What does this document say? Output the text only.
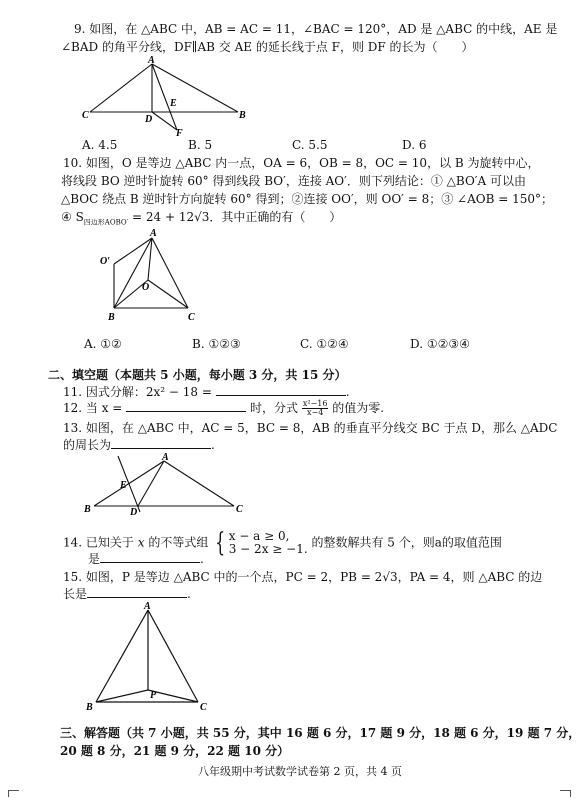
9. 如图，在 △ABC 中，AB = AC = 11，∠BAC = 120°，AD 是 △ABC 的中线，AE 是
∠BAD 的角平分线，DF∥AB 交 AE 的延长线于点 F，则 DF 的长为（　　）
A
C	B
D
E
F
A. 4.5	B. 5	C. 5.5	D. 6
10. 如图，O 是等边 △ABC 内一点，OA = 6，OB = 8，OC = 10，以 B 为旋转中心，
将线段 BO 逆时针旋转 60° 得到线段 BO′，连接 AO′．则下列结论：① △BO′A 可以由
△BOC 绕点 B 逆时针方向旋转 60° 得到；②连接 OO′，则 OO′ = 8；③ ∠AOB = 150°；
④ $S_{四边形AOBO'} = 24 + 12√3$．其中正确的有（　　）
A
O′
O
B	C
A. ①②	B. ①②③	C. ①②④	D. ①②③④
二、填空题（本题共 5 小题，每小题 3 分，共 15 分）
11. 因式分解：2x² − 18 =	.
12. 当 x =	时，分式 $\frac{\text{x²−16}}{x-4}$ 的值为零.
13. 如图，在 △ABC 中，AC = 5，BC = 8，AB 的垂直平分线交 BC 于点 D，那么 △ADC
的周长为	.
A
E
B	D	C
14. 已知关于 x 的不等式组 { x − a ≥ 0,
3 − 2x ≥ −1. 的整数解共有 5 个，则a的取值范围
是	.
15. 如图，P 是等边 △ABC 中的一个点，PC = 2，PB = 2√3，PA = 4，则 △ABC 的边
长是	.
A
P
B	C
三、解答题（共 7 小题，共 55 分，其中 16 题 6 分，17 题 9 分，18 题 6 分，19 题 7 分，
20 题 8 分，21 题 9 分，22 题 10 分）
八年级期中考试数学试卷第 2 页，共 4 页
